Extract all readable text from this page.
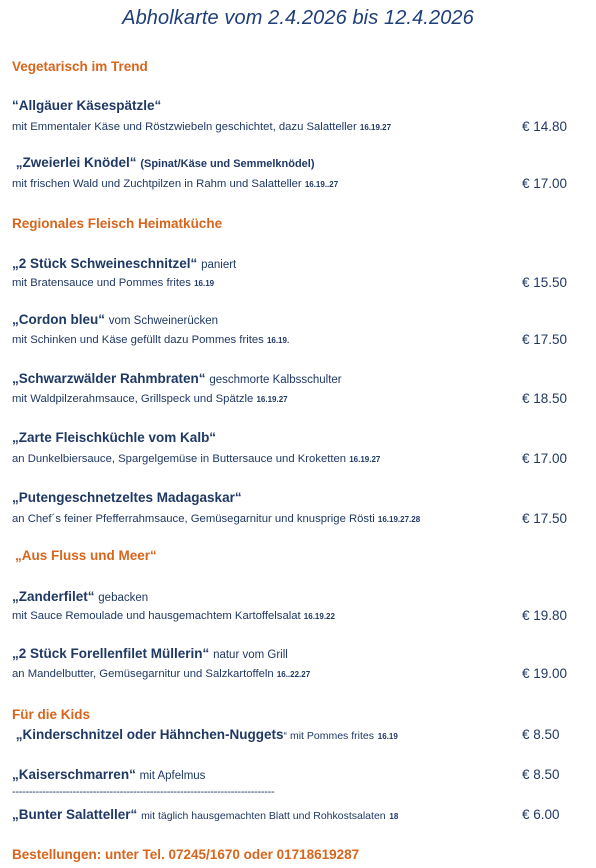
Abholkarte vom 2.4.2026 bis 12.4.2026
Vegetarisch im Trend
“Allgäuer Käsespätzle“
mit Emmentaler Käse und Röstzwiebeln geschichtet, dazu Salatteller 16.19.27	€ 14.80
„Zweierlei Knödel“ (Spinat/Käse und Semmelknödel)
mit frischen Wald und Zuchtpilzen in Rahm und Salatteller 16.19..27	€ 17.00
Regionales Fleisch Heimatküche
„2 Stück Schweineschnitzel“ paniert
mit Bratensauce und Pommes frites 16.19	€ 15.50
„Cordon bleu“ vom Schweinerücken
mit Schinken und Käse gefüllt dazu Pommes frites 16.19.	€ 17.50
„Schwarzwälder Rahmbraten“ geschmorte Kalbsschulter
mit Waldpilzerahmsauce, Grillspeck und Spätzle 16.19.27	€ 18.50
„Zarte Fleischküchle vom Kalb“
an Dunkelbiersauce, Spargelgemüse in Buttersauce und Kroketten 16.19.27	€ 17.00
„Putengeschnetzeltes Madagaskar“
an Chef´s feiner Pfefferrahmsauce, Gemüsegarnitur und knusprige Rösti 16.19.27.28	€ 17.50
„Aus Fluss und Meer“
„Zanderfilet“ gebacken
mit Sauce Remoulade und hausgemachtem Kartoffelsalat 16.19.22	€ 19.80
„2 Stück Forellenfilet Müllerin“ natur vom Grill
an Mandelbutter, Gemüsegarnitur und Salzkartoffeln 16..22.27	€ 19.00
Für die Kids
„Kinderschnitzel oder Hähnchen-Nuggets“ mit Pommes frites 16.19	€ 8.50
„Kaiserschmarren“ mit Apfelmus	€ 8.50
------------------------------------------------------------------------------
„Bunter Salatteller“ mit täglich hausgemachten Blatt und Rohkostsalaten 18	€ 6.00
Bestellungen: unter Tel. 07245/1670 oder 01718619287
